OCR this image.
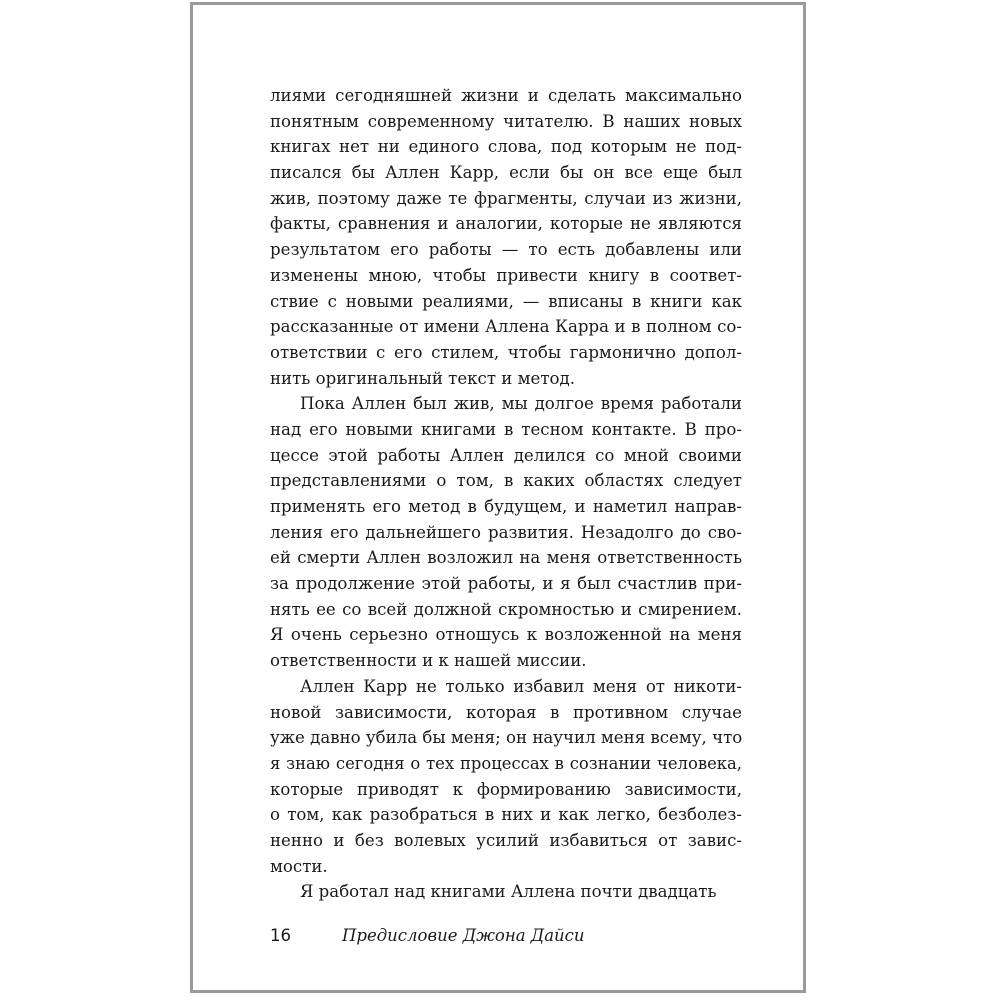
лиями сегодняшней жизни и сделать максимально
понятным современному читателю. В наших новых
книгах нет ни единого слова, под которым не под-
писался бы Аллен Карр, если бы он все еще был
жив, поэтому даже те фрагменты, случаи из жизни,
факты, сравнения и аналогии, которые не являются
результатом его работы — то есть добавлены или
изменены мною, чтобы привести книгу в соответ-
ствие с новыми реалиями, — вписаны в книги как
рассказанные от имени Аллена Карра и в полном со-
ответствии с его стилем, чтобы гармонично допол-
нить оригинальный текст и метод.
Пока Аллен был жив, мы долгое время работали
над его новыми книгами в тесном контакте. В про-
цессе этой работы Аллен делился со мной своими
представлениями о том, в каких областях следует
применять его метод в будущем, и наметил направ-
ления его дальнейшего развития. Незадолго до сво-
ей смерти Аллен возложил на меня ответственность
за продолжение этой работы, и я был счастлив при-
нять ее со всей должной скромностью и смирением.
Я очень серьезно отношусь к возложенной на меня
ответственности и к нашей миссии.
Аллен Карр не только избавил меня от никоти-
новой зависимости, которая в противном случае
уже давно убила бы меня; он научил меня всему, что
я знаю сегодня о тех процессах в сознании человека,
которые приводят к формированию зависимости,
о том, как разобраться в них и как легко, безболез-
ненно и без волевых усилий избавиться от завис-
мости.
Я работал над книгами Аллена почти двадцать
16	Предисловие Джона Дайси
